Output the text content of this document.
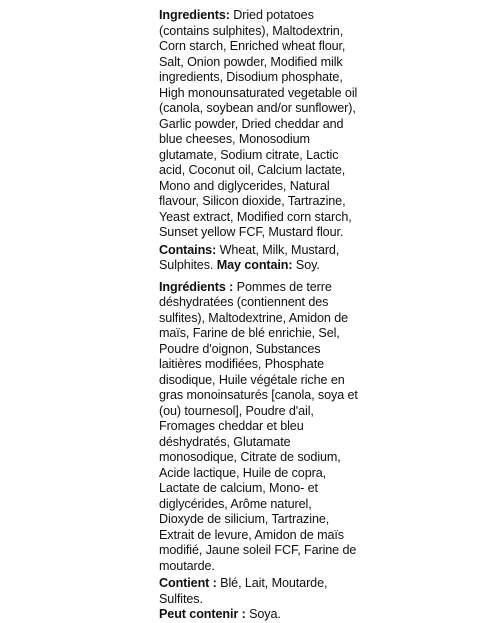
Ingredients: Dried potatoes (contains sulphites), Maltodextrin, Corn starch, Enriched wheat flour, Salt, Onion powder, Modified milk ingredients, Disodium phosphate, High monounsaturated vegetable oil (canola, soybean and/or sunflower), Garlic powder, Dried cheddar and blue cheeses, Monosodium glutamate, Sodium citrate, Lactic acid, Coconut oil, Calcium lactate, Mono and diglycerides, Natural flavour, Silicon dioxide, Tartrazine, Yeast extract, Modified corn starch, Sunset yellow FCF, Mustard flour.

Contains: Wheat, Milk, Mustard, Sulphites. May contain: Soy.

Ingrédients : Pommes de terre déshydratées (contiennent des sulfites), Maltodextrine, Amidon de maïs, Farine de blé enrichie, Sel, Poudre d'oignon, Substances laitières modifiées, Phosphate disodique, Huile végétale riche en gras monoinsaturés [canola, soya et (ou) tournesol], Poudre d'ail, Fromages cheddar et bleu déshydratés, Glutamate monosodique, Citrate de sodium, Acide lactique, Huile de copra, Lactate de calcium, Mono- et diglycérides, Arôme naturel, Dioxyde de silicium, Tartrazine, Extrait de levure, Amidon de maïs modifié, Jaune soleil FCF, Farine de moutarde.

Contient : Blé, Lait, Moutarde, Sulfites.
Peut contenir : Soya.
